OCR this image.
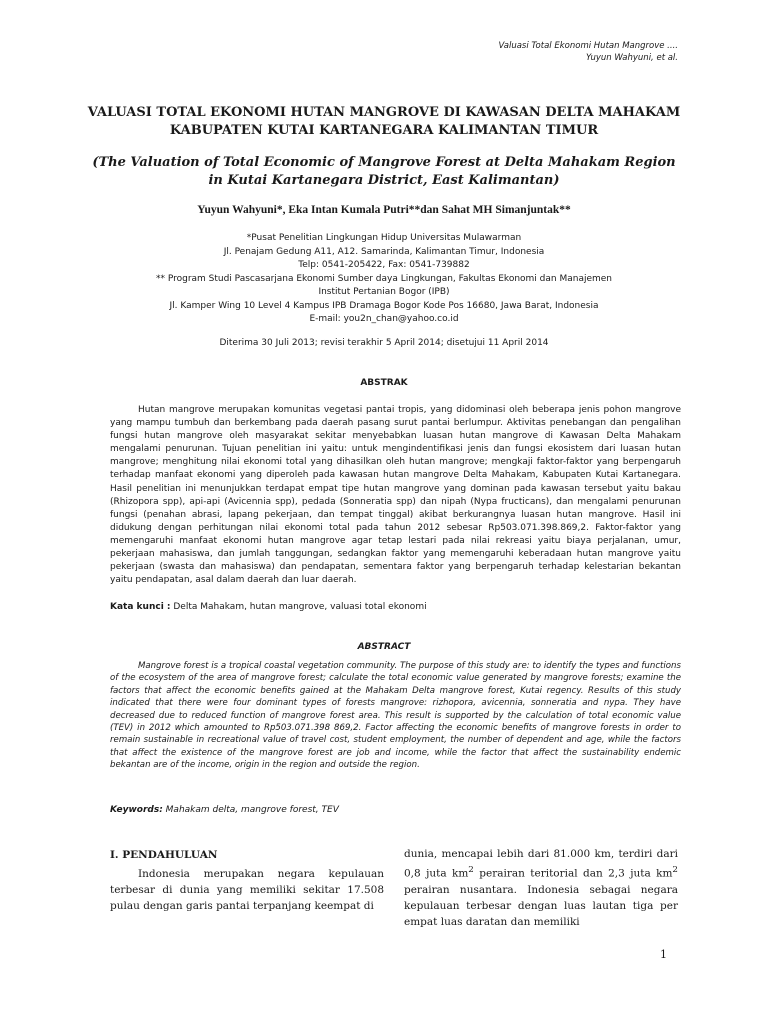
Valuasi Total Ekonomi Hutan Mangrove ....
Yuyun Wahyuni, et al.
VALUASI TOTAL EKONOMI HUTAN MANGROVE DI KAWASAN DELTA MAHAKAM
KABUPATEN KUTAI KARTANEGARA KALIMANTAN TIMUR
(The Valuation of Total Economic of Mangrove Forest at Delta Mahakam Region
in Kutai Kartanegara District, East Kalimantan)
Yuyun Wahyuni*, Eka Intan Kumala Putri**dan Sahat MH Simanjuntak**
*Pusat Penelitian Lingkungan Hidup Universitas Mulawarman
Jl. Penajam Gedung A11, A12. Samarinda, Kalimantan Timur, Indonesia
Telp: 0541-205422, Fax: 0541-739882
** Program Studi Pascasarjana Ekonomi Sumber daya Lingkungan, Fakultas Ekonomi dan Manajemen
Institut Pertanian Bogor (IPB)
Jl. Kamper Wing 10 Level 4 Kampus IPB Dramaga Bogor Kode Pos 16680, Jawa Barat, Indonesia
E-mail: you2n_chan@yahoo.co.id
Diterima 30 Juli 2013; revisi terakhir 5 April 2014; disetujui 11 April 2014
ABSTRAK

Hutan mangrove merupakan komunitas vegetasi pantai tropis, yang didominasi oleh beberapa jenis pohon mangrove yang mampu tumbuh dan berkembang pada daerah pasang surut pantai berlumpur. Aktivitas penebangan dan pengalihan fungsi hutan mangrove oleh masyarakat sekitar menyebabkan luasan hutan mangrove di Kawasan Delta Mahakam mengalami penurunan. Tujuan penelitian ini yaitu: untuk mengindentifikasi jenis dan fungsi ekosistem dari luasan hutan mangrove; menghitung nilai ekonomi total yang dihasilkan oleh hutan mangrove; mengkaji faktor-faktor yang berpengaruh terhadap manfaat ekonomi yang diperoleh pada kawasan hutan mangrove Delta Mahakam, Kabupaten Kutai Kartanegara. Hasil penelitian ini menunjukkan terdapat empat tipe hutan mangrove yang dominan pada kawasan tersebut yaitu bakau (Rhizopora spp), api-api (Avicennia spp), pedada (Sonneratia spp) dan nipah (Nypa fructicans), dan mengalami penurunan fungsi (penahan abrasi, lapang pekerjaan, dan tempat tinggal) akibat berkurangnya luasan hutan mangrove. Hasil ini didukung dengan perhitungan nilai ekonomi total pada tahun 2012 sebesar Rp503.071.398.869,2. Faktor-faktor yang memengaruhi manfaat ekonomi hutan mangrove agar tetap lestari pada nilai rekreasi yaitu biaya perjalanan, umur, pekerjaan mahasiswa, dan jumlah tanggungan, sedangkan faktor yang memengaruhi keberadaan hutan mangrove yaitu pekerjaan (swasta dan mahasiswa) dan pendapatan, sementara faktor yang berpengaruh terhadap kelestarian bekantan yaitu pendapatan, asal dalam daerah dan luar daerah.

Kata kunci : Delta Mahakam, hutan mangrove, valuasi total ekonomi
ABSTRACT

Mangrove forest is a tropical coastal vegetation community. The purpose of this study are: to identify the types and functions of the ecosystem of the area of mangrove forest; calculate the total economic value generated by mangrove forests; examine the factors that affect the economic benefits gained at the Mahakam Delta mangrove forest, Kutai regency. Results of this study indicated that there were four dominant types of forests mangrove: rizhopora, avicennia, sonneratia and nypa. They have decreased due to reduced function of mangrove forest area. This result is supported by the calculation of total economic value (TEV) in 2012 which amounted to Rp503.071.398 869,2. Factor affecting the economic benefits of mangrove forests in order to remain sustainable in recreational value of travel cost, student employment, the number of dependent and age, while the factors that affect the existence of the mangrove forest are job and income, while the factor that affect the sustainability endemic bekantan are of the income, origin in the region and outside the region.

Keywords: Mahakam delta, mangrove forest, TEV
I. PENDAHULUAN

Indonesia merupakan negara kepulauan terbesar di dunia yang memiliki sekitar 17.508 pulau dengan garis pantai terpanjang keempat di

dunia, mencapai lebih dari 81.000 km, terdiri dari 0,8 juta $km^2$ perairan teritorial dan 2,3 juta $km^2$ perairan nusantara. Indonesia sebagai negara kepulauan terbesar dengan luas lautan tiga per empat luas daratan dan memiliki

1
